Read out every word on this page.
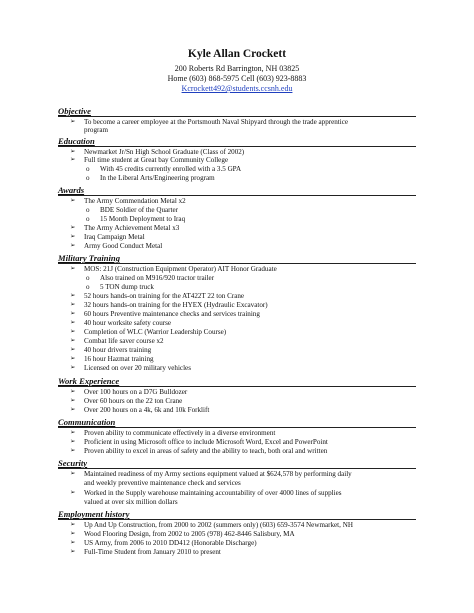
Kyle Allan Crockett
200 Roberts Rd Barrington, NH 03825
Home (603) 868-5975 Cell (603) 923-8883
Kcrockett492@students.ccsnh.edu
Objective
➢ To become a career employee at the Portsmouth Naval Shipyard through the trade apprentice
program
Education
➢ Newmarket Jr/Sn High School Graduate (Class of 2002)
➢ Full time student at Great bay Community College
o With 45 credits currently enrolled with a 3.5 GPA
o In the Liberal Arts/Engineering program
Awards
➢ The Army Commendation Metal x2
o BDE Soldier of the Quarter
o 15 Month Deployment to Iraq
➢ The Army Achievement Metal x3
➢ Iraq Campaign Metal
➢ Army Good Conduct Metal
Military Training
➢ MOS: 21J (Construction Equipment Operator) AIT Honor Graduate
o Also trained on M916/920 tractor trailer
o 5 TON dump truck
➢ 52 hours hands-on training for the AT422T 22 ton Crane
➢ 32 hours hands-on training for the HYEX (Hydraulic Excavator)
➢ 60 hours Preventive maintenance checks and services training
➢ 40 hour worksite safety course
➢ Completion of WLC (Warrior Leadership Course)
➢ Combat life saver course x2
➢ 40 hour drivers training
➢ 16 hour Hazmat training
➢ Licensed on over 20 military vehicles
Work Experience
➢ Over 100 hours on a D7G Bulldozer
➢ Over 60 hours on the 22 ton Crane
➢ Over 200 hours on a 4k, 6k and 10k Forklift
Communication
➢ Proven ability to communicate effectively in a diverse environment
➢ Proficient in using Microsoft office to include Microsoft Word, Excel and PowerPoint
➢ Proven ability to excel in areas of safety and the ability to teach, both oral and written
Security
➢ Maintained readiness of my Army sections equipment valued at $624,578 by performing daily
and weekly preventive maintenance check and services
➢ Worked in the Supply warehouse maintaining accountability of over 4000 lines of supplies
valued at over six million dollars
Employment history
➢ Up And Up Construction, from 2000 to 2002 (summers only) (603) 659-3574 Newmarket, NH
➢ Wood Flooring Design, from 2002 to 2005 (978) 462-8446 Salisbury, MA
➢ US Army, from 2006 to 2010 DD412 (Honorable Discharge)
➢ Full-Time Student from January 2010 to present
